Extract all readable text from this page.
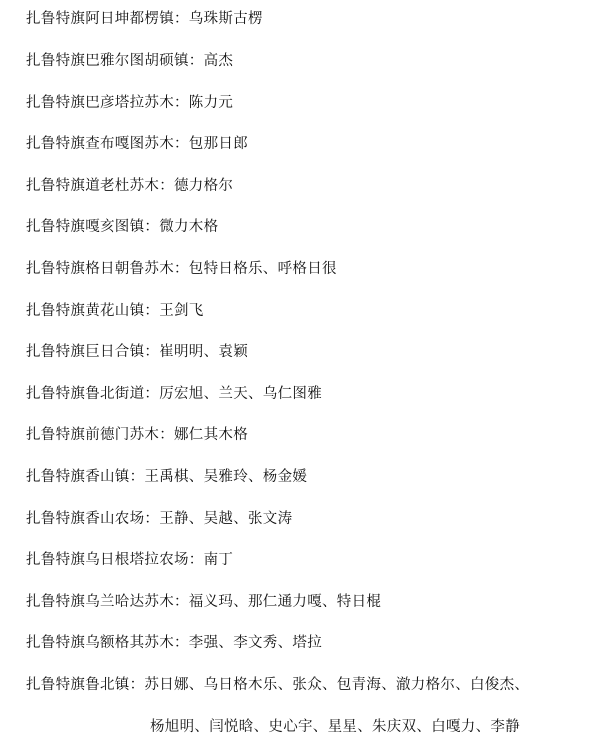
扎鲁特旗阿日坤都楞镇：乌珠斯古楞
扎鲁特旗巴雅尔图胡硕镇：高杰
扎鲁特旗巴彦塔拉苏木：陈力元
扎鲁特旗查布嘎图苏木：包那日郎
扎鲁特旗道老杜苏木：德力格尔
扎鲁特旗嘎亥图镇：微力木格
扎鲁特旗格日朝鲁苏木：包特日格乐、呼格日很
扎鲁特旗黄花山镇：王剑飞
扎鲁特旗巨日合镇：崔明明、袁颖
扎鲁特旗鲁北街道：厉宏旭、兰天、乌仁图雅
扎鲁特旗前德门苏木：娜仁其木格
扎鲁特旗香山镇：王禹棋、吴雅玲、杨金媛
扎鲁特旗香山农场：王静、吴越、张文涛
扎鲁特旗乌日根塔拉农场：南丁
扎鲁特旗乌兰哈达苏木：福义玛、那仁通力嘎、特日棍
扎鲁特旗乌额格其苏木：李强、李文秀、塔拉
扎鲁特旗鲁北镇：苏日娜、乌日格木乐、张众、包青海、澈力格尔、白俊杰、
杨旭明、闫悦晗、史心宇、星星、朱庆双、白嘎力、李静
